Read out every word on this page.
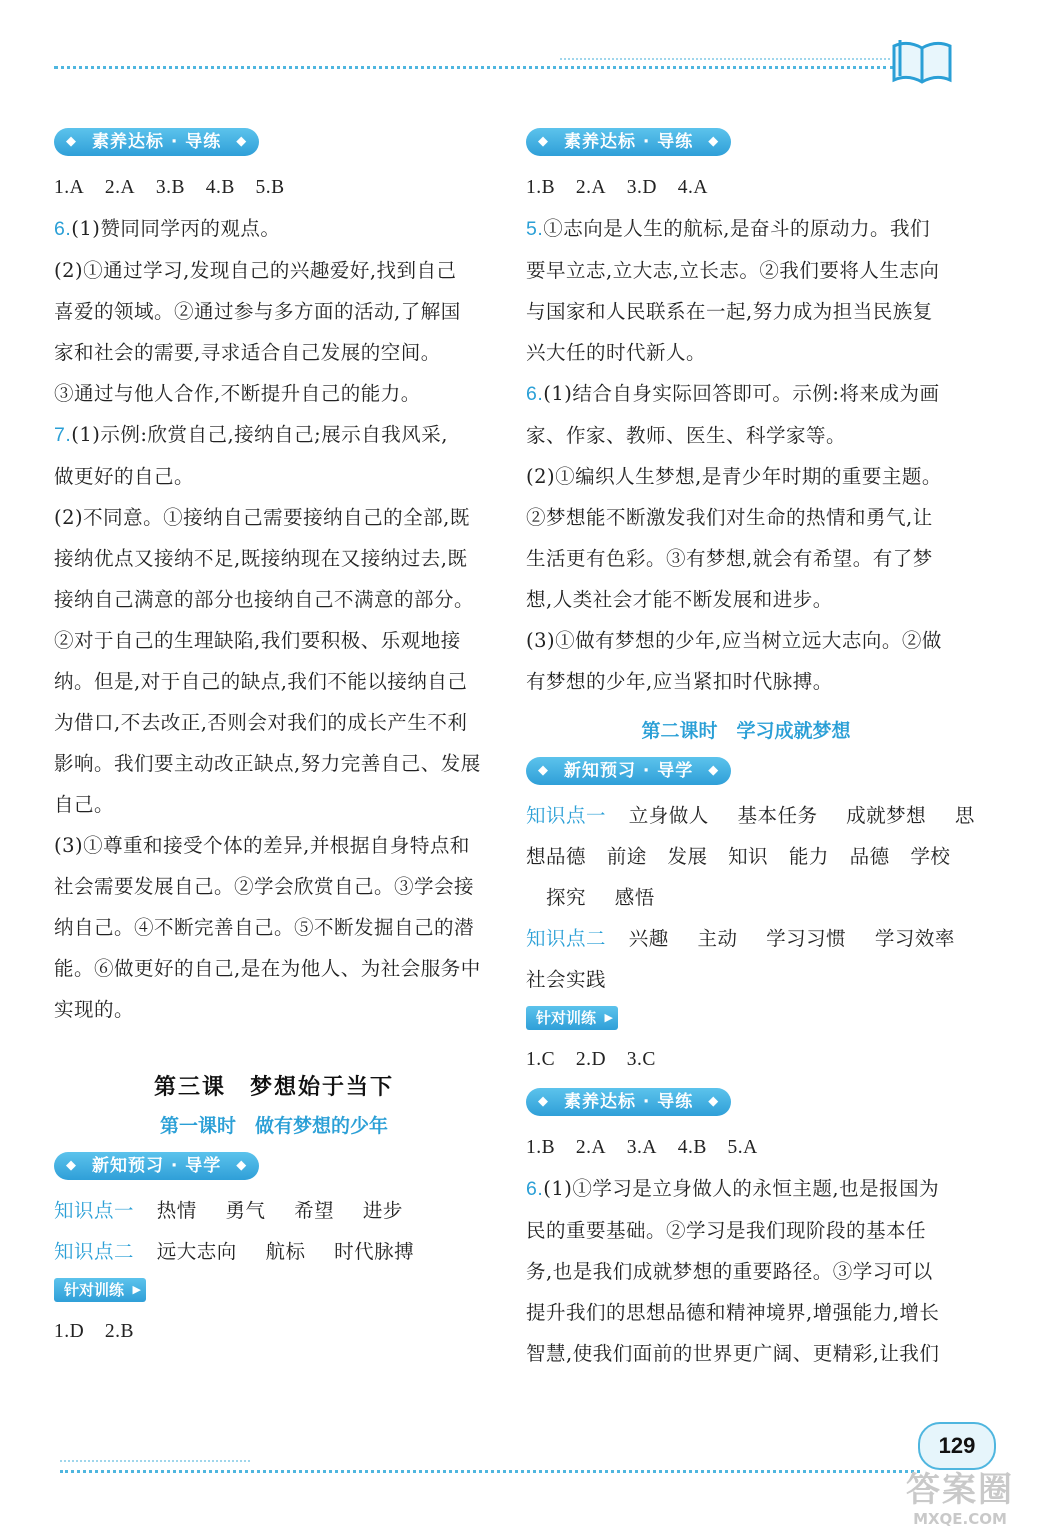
◆ 素养达标 · 导练 ◆

1.A 2.A 3.B 4.B 5.B

6.(1)赞同同学丙的观点。

(2)①通过学习,发现自己的兴趣爱好,找到自己

喜爱的领域。②通过参与多方面的活动,了解国

家和社会的需要,寻求适合自己发展的空间。

③通过与他人合作,不断提升自己的能力。

7.(1)示例:欣赏自己,接纳自己;展示自我风采,

做更好的自己。

(2)不同意。①接纳自己需要接纳自己的全部,既

接纳优点又接纳不足,既接纳现在又接纳过去,既

接纳自己满意的部分也接纳自己不满意的部分。

②对于自己的生理缺陷,我们要积极、乐观地接

纳。但是,对于自己的缺点,我们不能以接纳自己

为借口,不去改正,否则会对我们的成长产生不利

影响。我们要主动改正缺点,努力完善自己、发展

自己。

(3)①尊重和接受个体的差异,并根据自身特点和

社会需要发展自己。②学会欣赏自己。③学会接

纳自己。④不断完善自己。⑤不断发掘自己的潜

能。⑥做更好的自己,是在为他人、为社会服务中

实现的。

第三课　梦想始于当下
第一课时　做有梦想的少年
◆ 新知预习 · 导学 ◆

知识点一 热情 勇气 希望 进步

知识点二 远大志向 航标 时代脉搏

针对训练 ▶

1.D 2.B

◆ 素养达标 · 导练 ◆

1.B 2.A 3.D 4.A

5.①志向是人生的航标,是奋斗的原动力。我们

要早立志,立大志,立长志。②我们要将人生志向

与国家和人民联系在一起,努力成为担当民族复

兴大任的时代新人。

6.(1)结合自身实际回答即可。示例:将来成为画

家、作家、教师、医生、科学家等。

(2)①编织人生梦想,是青少年时期的重要主题。

②梦想能不断激发我们对生命的热情和勇气,让

生活更有色彩。③有梦想,就会有希望。有了梦

想,人类社会才能不断发展和进步。

(3)①做有梦想的少年,应当树立远大志向。②做

有梦想的少年,应当紧扣时代脉搏。

第二课时　学习成就梦想
◆ 新知预习 · 导学 ◆

知识点一 立身做人 基本任务 成就梦想 思

想品德 前途 发展 知识 能力 品德 学校

探究 感悟

知识点二 兴趣 主动 学习习惯 学习效率

社会实践

针对训练 ▶

1.C 2.D 3.C

◆ 素养达标 · 导练 ◆

1.B 2.A 3.A 4.B 5.A

6.(1)①学习是立身做人的永恒主题,也是报国为

民的重要基础。②学习是我们现阶段的基本任

务,也是我们成就梦想的重要路径。③学习可以

提升我们的思想品德和精神境界,增强能力,增长

智慧,使我们面前的世界更广阔、更精彩,让我们

129
答案圈
MXQE.COM
